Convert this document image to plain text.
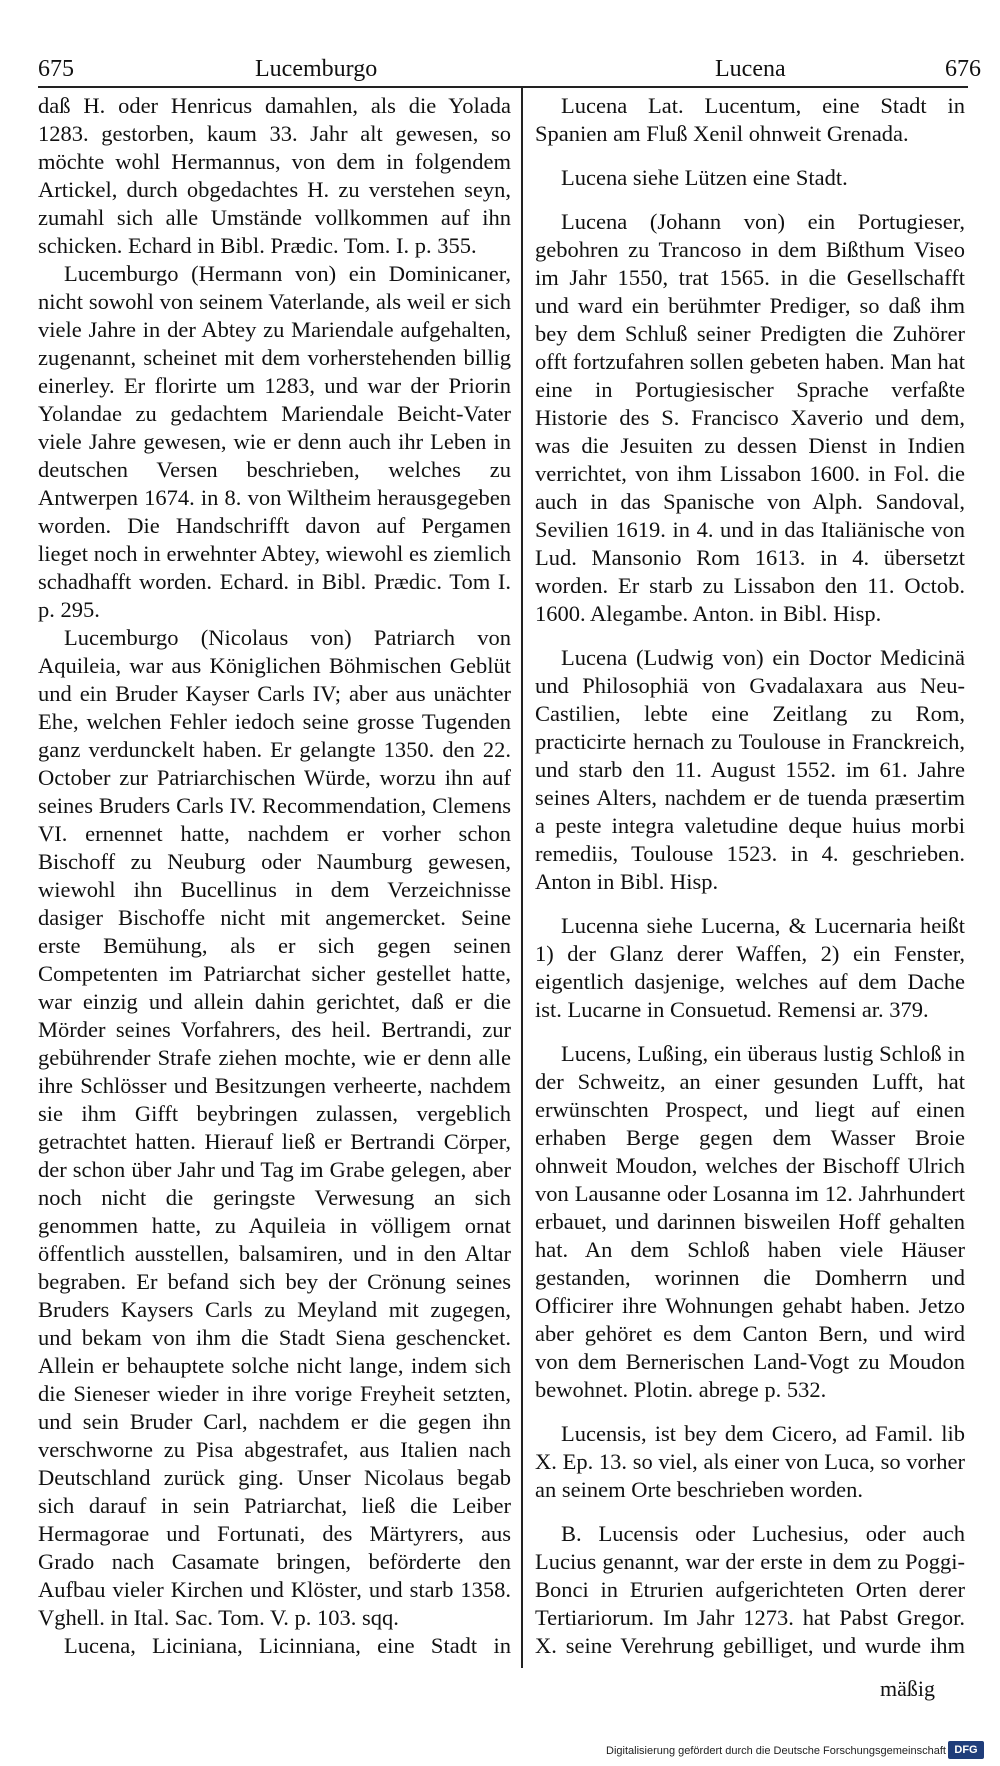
675	Lucemburgo	Lucena	676

daß H. oder Henricus damahlen, als die Yolada 1283. gestorben, kaum 33. Jahr alt gewesen, so möchte wohl Hermannus, von dem in folgendem Artickel, durch obgedachtes H. zu verstehen seyn, zumahl sich alle Umstände vollkommen auf ihn schicken. Echard in Bibl. Prædic. Tom. I. p. 355.

Lucemburgo (Hermann von) ein Dominicaner, nicht sowohl von seinem Vaterlande, als weil er sich viele Jahre in der Abtey zu Mariendale aufgehalten, zugenannt, scheinet mit dem vorherstehenden billig einerley. Er florirte um 1283, und war der Priorin Yolandae zu gedachtem Mariendale Beicht-Vater viele Jahre gewesen, wie er denn auch ihr Leben in deutschen Versen beschrieben, welches zu Antwerpen 1674. in 8. von Wiltheim herausgegeben worden. Die Handschrifft davon auf Pergamen lieget noch in erwehnter Abtey, wiewohl es ziemlich schadhafft worden. Echard. in Bibl. Prædic. Tom I. p. 295.

Lucemburgo (Nicolaus von) Patriarch von Aquileia, war aus Königlichen Böhmischen Geblüt und ein Bruder Kayser Carls IV; aber aus unächter Ehe, welchen Fehler iedoch seine grosse Tugenden ganz verdunckelt haben. Er gelangte 1350. den 22. October zur Patriarchischen Würde, worzu ihn auf seines Bruders Carls IV. Recommendation, Clemens VI. ernennet hatte, nachdem er vorher schon Bischoff zu Neuburg oder Naumburg gewesen, wiewohl ihn Bucellinus in dem Verzeichnisse dasiger Bischoffe nicht mit angemercket. Seine erste Bemühung, als er sich gegen seinen Competenten im Patriarchat sicher gestellet hatte, war einzig und allein dahin gerichtet, daß er die Mörder seines Vorfahrers, des heil. Bertrandi, zur gebührender Strafe ziehen mochte, wie er denn alle ihre Schlösser und Besitzungen verheerte, nachdem sie ihm Gifft beybringen zulassen, vergeblich getrachtet hatten. Hierauf ließ er Bertrandi Cörper, der schon über Jahr und Tag im Grabe gelegen, aber noch nicht die geringste Verwesung an sich genommen hatte, zu Aquileia in völligem ornat öffentlich ausstellen, balsamiren, und in den Altar begraben. Er befand sich bey der Crönung seines Bruders Kaysers Carls zu Meyland mit zugegen, und bekam von ihm die Stadt Siena geschencket. Allein er behauptete solche nicht lange, indem sich die Sieneser wieder in ihre vorige Freyheit setzten, und sein Bruder Carl, nachdem er die gegen ihn verschworne zu Pisa abgestrafet, aus Italien nach Deutschland zurück ging. Unser Nicolaus begab sich darauf in sein Patriarchat, ließ die Leiber Hermagorae und Fortunati, des Märtyrers, aus Grado nach Casamate bringen, beförderte den Aufbau vieler Kirchen und Klöster, und starb 1358. Vghell. in Ital. Sac. Tom. V. p. 103. sqq.

Lucena, Liciniana, Licinniana, eine Stadt in

Lucena Lat. Lucentum, eine Stadt in Spanien am Fluß Xenil ohnweit Grenada.

Lucena siehe Lützen eine Stadt.

Lucena (Johann von) ein Portugieser, gebohren zu Trancoso in dem Bißthum Viseo im Jahr 1550, trat 1565. in die Gesellschafft und ward ein berühmter Prediger, so daß ihm bey dem Schluß seiner Predigten die Zuhörer offt fortzufahren sollen gebeten haben. Man hat eine in Portugiesischer Sprache verfaßte Historie des S. Francisco Xaverio und dem, was die Jesuiten zu dessen Dienst in Indien verrichtet, von ihm Lissabon 1600. in Fol. die auch in das Spanische von Alph. Sandoval, Sevilien 1619. in 4. und in das Italiänische von Lud. Mansonio Rom 1613. in 4. übersetzt worden. Er starb zu Lissabon den 11. Octob. 1600. Alegambe. Anton. in Bibl. Hisp.

Lucena (Ludwig von) ein Doctor Medicinä und Philosophiä von Gvadalaxara aus Neu-Castilien, lebte eine Zeitlang zu Rom, practicirte hernach zu Toulouse in Franckreich, und starb den 11. August 1552. im 61. Jahre seines Alters, nachdem er de tuenda præsertim a peste integra valetudine deque huius morbi remediis, Toulouse 1523. in 4. geschrieben. Anton in Bibl. Hisp.

Lucenna siehe Lucerna, & Lucernaria heißt 1) der Glanz derer Waffen, 2) ein Fenster, eigentlich dasjenige, welches auf dem Dache ist. Lucarne in Consuetud. Remensi ar. 379.

Lucens, Lußing, ein überaus lustig Schloß in der Schweitz, an einer gesunden Lufft, hat erwünschten Prospect, und liegt auf einen erhaben Berge gegen dem Wasser Broie ohnweit Moudon, welches der Bischoff Ulrich von Lausanne oder Losanna im 12. Jahrhundert erbauet, und darinnen bisweilen Hoff gehalten hat. An dem Schloß haben viele Häuser gestanden, worinnen die Domherrn und Officirer ihre Wohnungen gehabt haben. Jetzo aber gehöret es dem Canton Bern, und wird von dem Bernerischen Land-Vogt zu Moudon bewohnet. Plotin. abrege p. 532.

Lucensis, ist bey dem Cicero, ad Famil. lib X. Ep. 13. so viel, als einer von Luca, so vorher an seinem Orte beschrieben worden.

B. Lucensis oder Luchesius, oder auch Lucius genannt, war der erste in dem zu Poggi-Bonci in Etrurien aufgerichteten Orten derer Tertiariorum. Im Jahr 1273. hat Pabst Gregor. X. seine Verehrung gebilliget, und wurde ihm

mäßig
Digitalisierung gefördert durch die Deutsche Forschungsgemeinschaft DFG
